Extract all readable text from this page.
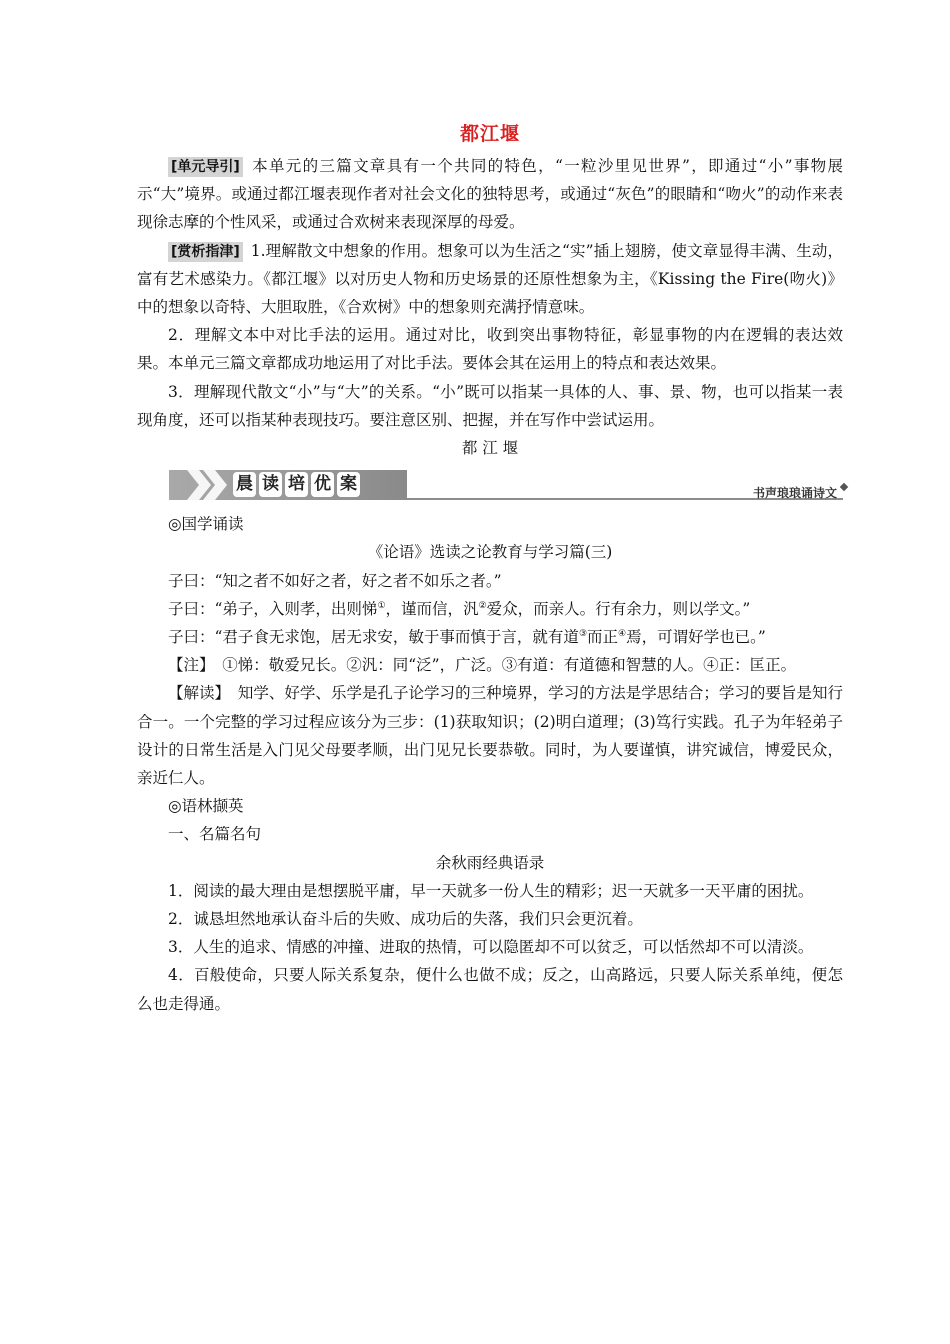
都江堰

[单元导引] 本单元的三篇文章具有一个共同的特色，“一粒沙里见世界”，即通过“小”事物展示“大”境界。或通过都江堰表现作者对社会文化的独特思考，或通过“灰色”的眼睛和“吻火”的动作来表现徐志摩的个性风采，或通过合欢树来表现深厚的母爱。

[赏析指津] 1.理解散文中想象的作用。想象可以为生活之“实”插上翅膀，使文章显得丰满、生动，富有艺术感染力。《都江堰》以对历史人物和历史场景的还原性想象为主，《Kissing the Fire(吻火)》中的想象以奇特、大胆取胜，《合欢树》中的想象则充满抒情意味。

2．理解文本中对比手法的运用。通过对比，收到突出事物特征，彰显事物的内在逻辑的表达效果。本单元三篇文章都成功地运用了对比手法。要体会其在运用上的特点和表达效果。

3．理解现代散文“小”与“大”的关系。“小”既可以指某一具体的人、事、景、物，也可以指某一表现角度，还可以指某种表现技巧。要注意区别、把握，并在写作中尝试运用。

都 江 堰

晨 读 培 优 案	书声琅琅诵诗文

◎国学诵读

《论语》选读之论教育与学习篇(三)

子曰：“知之者不如好之者，好之者不如乐之者。”

子曰：“弟子，入则孝，出则悌①，谨而信，汎②爱众，而亲人。行有余力，则以学文。”

子曰：“君子食无求饱，居无求安，敏于事而慎于言，就有道③而正④焉，可谓好学也已。”

【注】　①悌：敬爱兄长。②汎：同“泛”，广泛。③有道：有道德和智慧的人。④正：匡正。

【解读】　知学、好学、乐学是孔子论学习的三种境界，学习的方法是学思结合；学习的要旨是知行合一。一个完整的学习过程应该分为三步：(1)获取知识；(2)明白道理；(3)笃行实践。孔子为年轻弟子设计的日常生活是入门见父母要孝顺，出门见兄长要恭敬。同时，为人要谨慎，讲究诚信，博爱民众，亲近仁人。

◎语林撷英

一、名篇名句

余秋雨经典语录

1．阅读的最大理由是想摆脱平庸，早一天就多一份人生的精彩；迟一天就多一天平庸的困扰。

2．诚恳坦然地承认奋斗后的失败、成功后的失落，我们只会更沉着。

3．人生的追求、情感的冲撞、进取的热情，可以隐匿却不可以贫乏，可以恬然却不可以清淡。

4．百般使命，只要人际关系复杂，便什么也做不成；反之，山高路远，只要人际关系单纯，便怎么也走得通。
